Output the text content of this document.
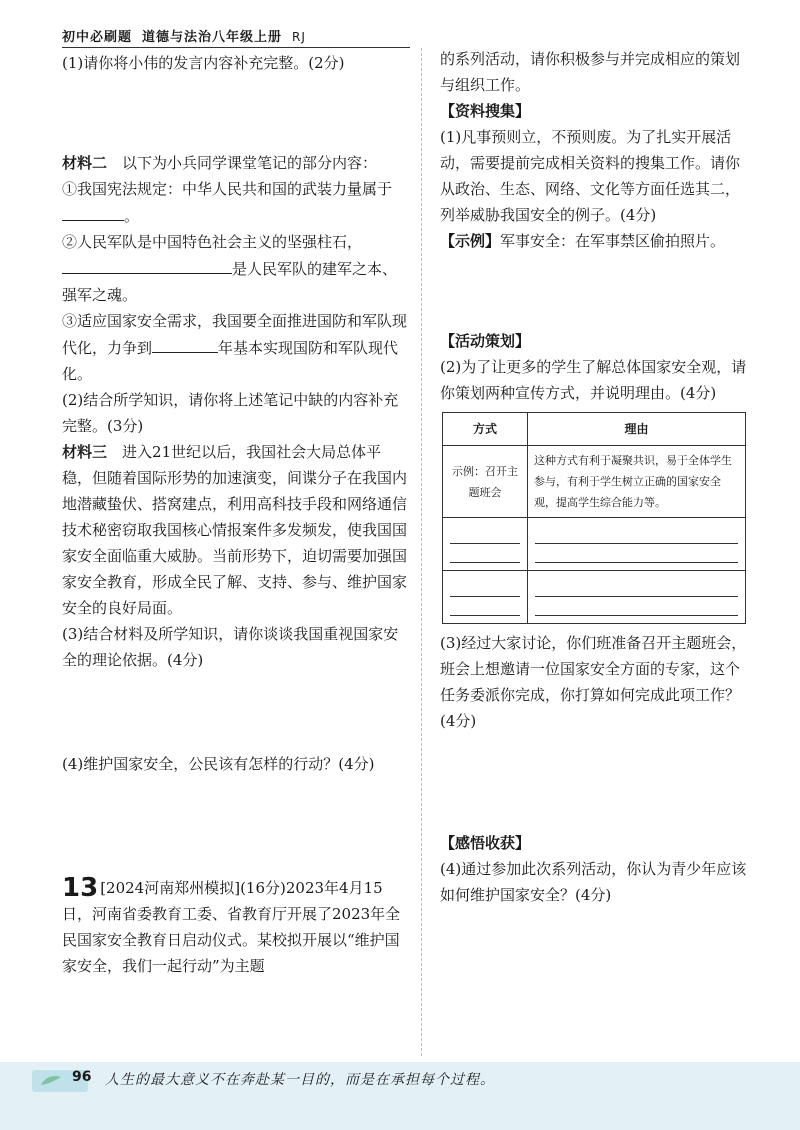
初中必刷题 道德与法治八年级上册 RJ

(1)请你将小伟的发言内容补充完整。(2分)

材料二　 以下为小兵同学课堂笔记的部分内容：

①我国宪法规定：中华人民共和国的武装力量属于。

②人民军队是中国特色社会主义的坚强柱石，是人民军队的建军之本、强军之魂。

③适应国家安全需求，我国要全面推进国防和军队现代化，力争到	年基本实现国防和军队现代化。

(2)结合所学知识，请你将上述笔记中缺的内容补充完整。(3分)

材料三　 进入21世纪以后，我国社会大局总体平稳，但随着国际形势的加速演变，间谍分子在我国内地潜藏蛰伏、搭窝建点，利用高科技手段和网络通信技术秘密窃取我国核心情报案件多发频发，使我国国家安全面临重大威胁。当前形势下，迫切需要加强国家安全教育，形成全民了解、支持、参与、维护国家安全的良好局面。

(3)结合材料及所学知识，请你谈谈我国重视国家安全的理论依据。(4分)

(4)维护国家安全，公民该有怎样的行动？(4分)

13 [2024河南郑州模拟](16分)2023年4月15日，河南省委教育工委、省教育厅开展了2023年全民国家安全教育日启动仪式。某校拟开展以“维护国家安全，我们一起行动”为主题

的系列活动，请你积极参与并完成相应的策划与组织工作。

【资料搜集】

(1)凡事预则立，不预则废。为了扎实开展活动，需要提前完成相关资料的搜集工作。请你从政治、生态、网络、文化等方面任选其二，列举威胁我国安全的例子。(4分)

【示例】军事安全：在军事禁区偷拍照片。

【活动策划】

(2)为了让更多的学生了解总体国家安全观，请你策划两种宣传方式，并说明理由。(4分)

方式	理由
示例：召开主题班会	这种方式有利于凝聚共识，易于全体学生参与，有利于学生树立正确的国家安全观，提高学生综合能力等。

(3)经过大家讨论，你们班准备召开主题班会，班会上想邀请一位国家安全方面的专家，这个任务委派你完成，你打算如何完成此项工作？(4分)

【感悟收获】

(4)通过参加此次系列活动，你认为青少年应该如何维护国家安全？(4分)

96 人生的最大意义不在奔赴某一目的，而是在承担每个过程。
